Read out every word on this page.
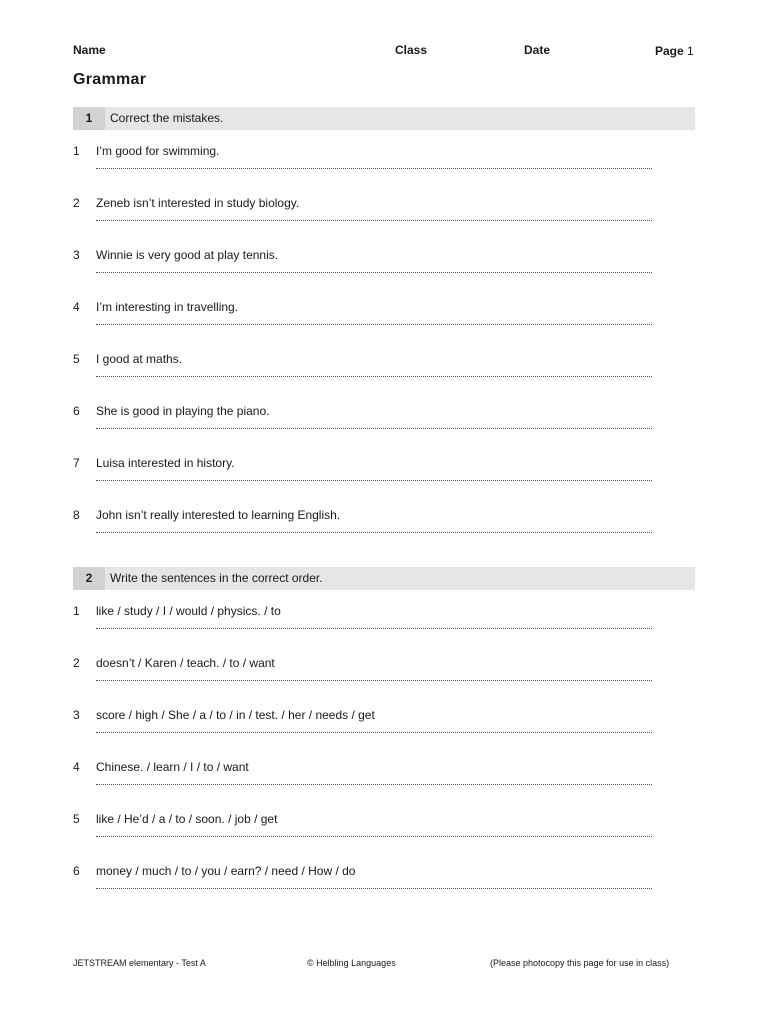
Name	Class	Date	Page 1
Grammar
1	Correct the mistakes.
1 I’m good for swimming.
2 Zeneb isn’t interested in study biology.
3 Winnie is very good at play tennis.
4 I’m interesting in travelling.
5 I good at maths.
6 She is good in playing the piano.
7 Luisa interested in history.
8 John isn’t really interested to learning English.
2	Write the sentences in the correct order.
1 like / study / I / would / physics. / to
2 doesn’t / Karen / teach. / to / want
3 score / high / She / a / to / in / test. / her / needs / get
4 Chinese. / learn / I / to / want
5 like / He’d / a / to / soon. / job / get
6 money / much / to / you / earn? / need / How / do
JETSTREAM elementary - Test A	© Helbling Languages	(Please photocopy this page for use in class)
